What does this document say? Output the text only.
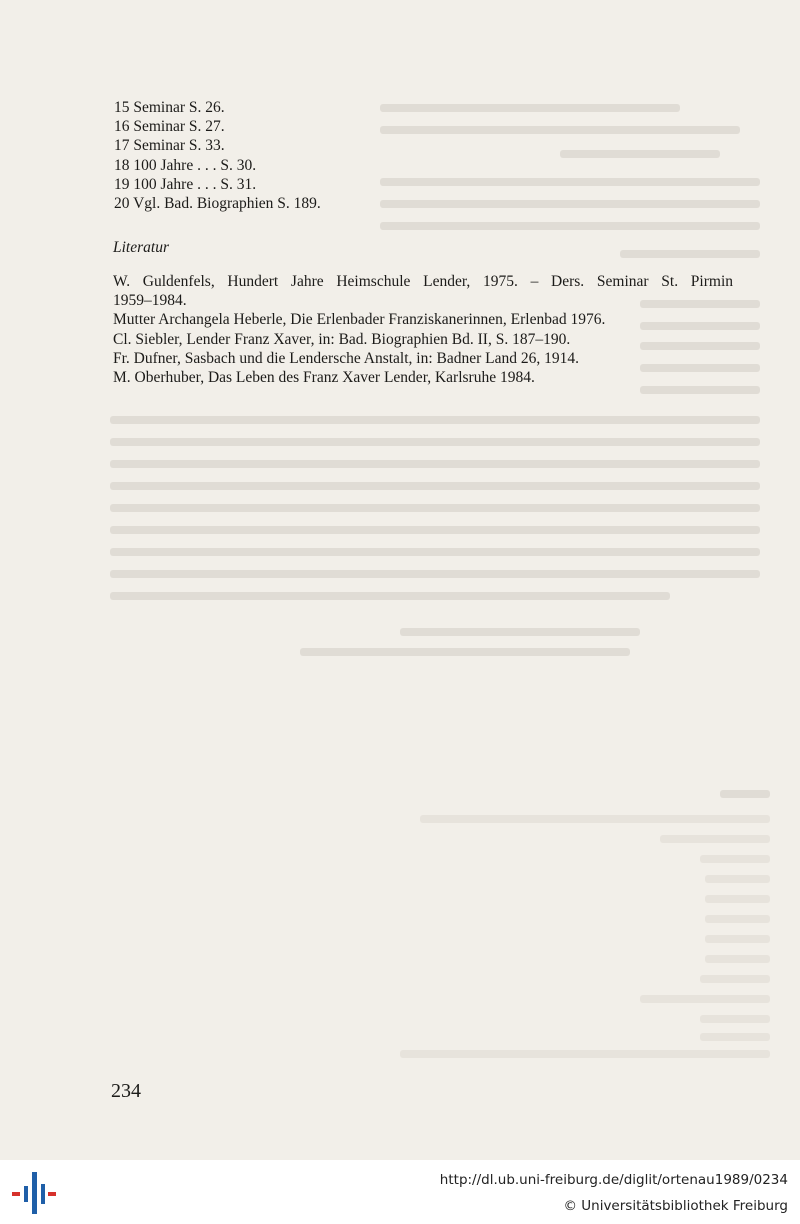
15 Seminar S. 26.

16 Seminar S. 27.

17 Seminar S. 33.

18 100 Jahre . . . S. 30.

19 100 Jahre . . . S. 31.

20 Vgl. Bad. Biographien S. 189.

Literatur

W. Guldenfels, Hundert Jahre Heimschule Lender, 1975. – Ders. Seminar St. Pirmin

1959–1984.

Mutter Archangela Heberle, Die Erlenbader Franziskanerinnen, Erlenbad 1976.

Cl. Siebler, Lender Franz Xaver, in: Bad. Biographien Bd. II, S. 187–190.

Fr. Dufner, Sasbach und die Lendersche Anstalt, in: Badner Land 26, 1914.

M. Oberhuber, Das Leben des Franz Xaver Lender, Karlsruhe 1984.

234
http://dl.ub.uni-freiburg.de/diglit/ortenau1989/0234
© Universitätsbibliothek Freiburg
